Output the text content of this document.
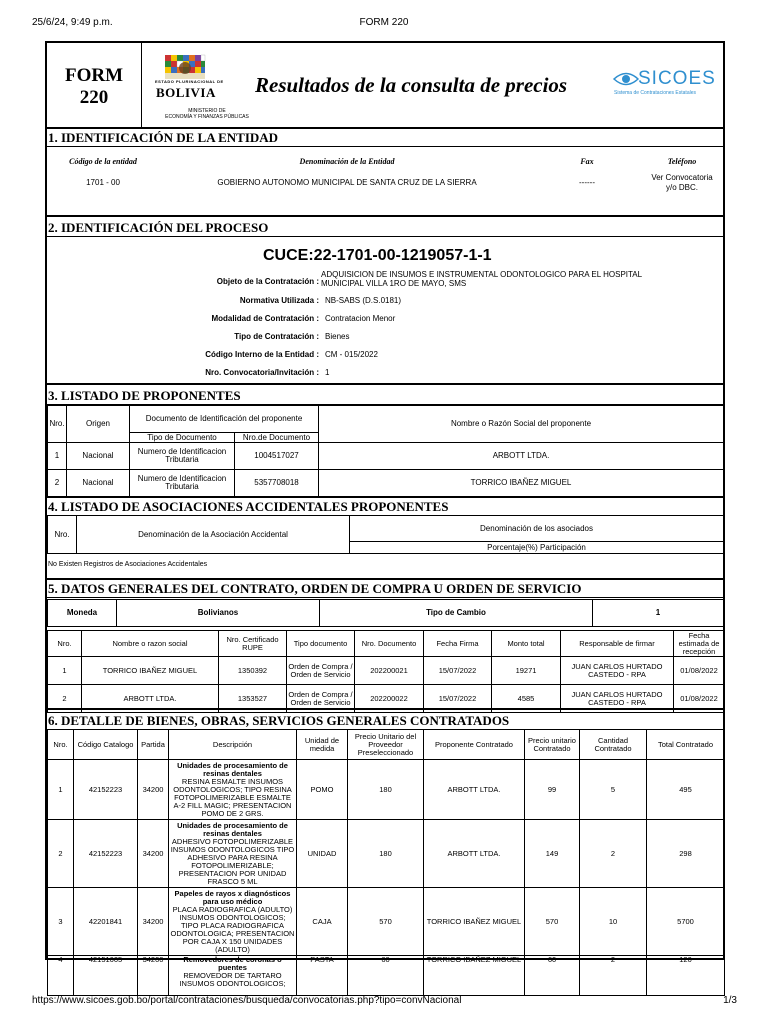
25/6/24, 9:49 p.m.	FORM 220
https://www.sicoes.gob.bo/portal/contrataciones/busqueda/convocatorias.php?tipo=convNacional	1/3
FORM
220
ESTADO PLURINACIONAL DE
BOLIVIA
MINISTERIO DE
ECONOMÍA Y FINANZAS PÚBLICAS
Resultados de la consulta de precios	SICOES
Sistema de Contrataciones Estatales
1. IDENTIFICACIÓN DE LA ENTIDAD
Código de la entidad	Denominación de la Entidad	Fax	Teléfono
1701 - 00	GOBIERNO AUTONOMO MUNICIPAL DE SANTA CRUZ DE LA SIERRA	------
Ver Convocatoria
y/o DBC.
2. IDENTIFICACIÓN DEL PROCESO
CUCE:22-1701-00-1219057-1-1
Objeto de la Contratación :
ADQUISICION DE INSUMOS E INSTRUMENTAL ODONTOLOGICO PARA EL HOSPITAL
MUNICIPAL VILLA 1RO DE MAYO, SMS
Normativa Utilizada : NB-SABS (D.S.0181)
Modalidad de Contratación : Contratacion Menor
Tipo de Contratación : Bienes
Código Interno de la Entidad : CM - 015/2022
Nro. Convocatoria/Invitación : 1
3. LISTADO DE PROPONENTES
Nro.	Origen
Documento de Identificación del proponente
Tipo de Documento	Nro.de Documento
Nombre o Razón Social del proponente
1	Nacional	Numero de Identificacion
Tributaria	1004517027	ARBOTT LTDA.
2	Nacional	Numero de Identificacion
Tributaria	5357708018	TORRICO IBAÑEZ MIGUEL
4. LISTADO DE ASOCIACIONES ACCIDENTALES PROPONENTES
Nro.	Denominación de la Asociación Accidental
Denominación de los asociados
Porcentaje(%) Participación
No Existen Registros de Asociaciones Accidentales
5. DATOS GENERALES DEL CONTRATO, ORDEN DE COMPRA U ORDEN DE SERVICIO
Moneda	Bolivianos	Tipo de Cambio	1
Nro.	Nombre o razon social	Nro. Certificado RUPE	Tipo documento	Nro. Documento	Fecha Firma	Monto total	Responsable de firmar	Fecha estimada de recepción
1	TORRICO IBAÑEZ MIGUEL	1350392	Orden de Compra / Orden de Servicio	202200021	15/07/2022	19271	JUAN CARLOS HURTADO CASTEDO - RPA	01/08/2022
2	ARBOTT LTDA.	1353527	Orden de Compra / Orden de Servicio	202200022	15/07/2022	4585	JUAN CARLOS HURTADO CASTEDO - RPA	01/08/2022
6. DETALLE DE BIENES, OBRAS, SERVICIOS GENERALES CONTRATADOS
Nro.	Código Catalogo	Partida	Descripción	Unidad de medida	Precio Unitario del Proveedor Preseleccionado	Proponente Contratado	Precio unitario Contratado	Cantidad Contratado	Total Contratado
1	42152223	34200	Unidades de procesamiento de resinas dentales
RESINA ESMALTE INSUMOS ODONTOLOGICOS; TIPO RESINA FOTOPOLIMERIZABLE ESMALTE A-2 FILL MAGIC; PRESENTACION POMO DE 2 GRS.	POMO	180	ARBOTT LTDA.	99	5	495
2	42152223	34200	Unidades de procesamiento de resinas dentales
ADHESIVO FOTOPOLIMERIZABLE INSUMOS ODONTOLOGICOS TIPO ADHESIVO PARA RESINA FOTOPOLIMERIZABLE; PRESENTACION POR UNIDAD FRASCO 5 ML	UNIDAD	180	ARBOTT LTDA.	149	2	298
3	42201841	34200	Papeles de rayos x diagnósticos para uso médico
PLACA RADIOGRAFICA (ADULTO) INSUMOS ODONTOLOGICOS; TIPO PLACA RADIOGRAFICA ODONTOLOGICA; PRESENTACION POR CAJA X 150 UNIDADES (ADULTO)	CAJA	570	TORRICO IBAÑEZ MIGUEL	570	10	5700
4	42151605	34200	Removedores de coronas o puentes
REMOVEDOR DE TARTARO INSUMOS ODONTOLOGICOS;	PASTA	60	TORRICO IBAÑEZ MIGUEL	60	2	120
